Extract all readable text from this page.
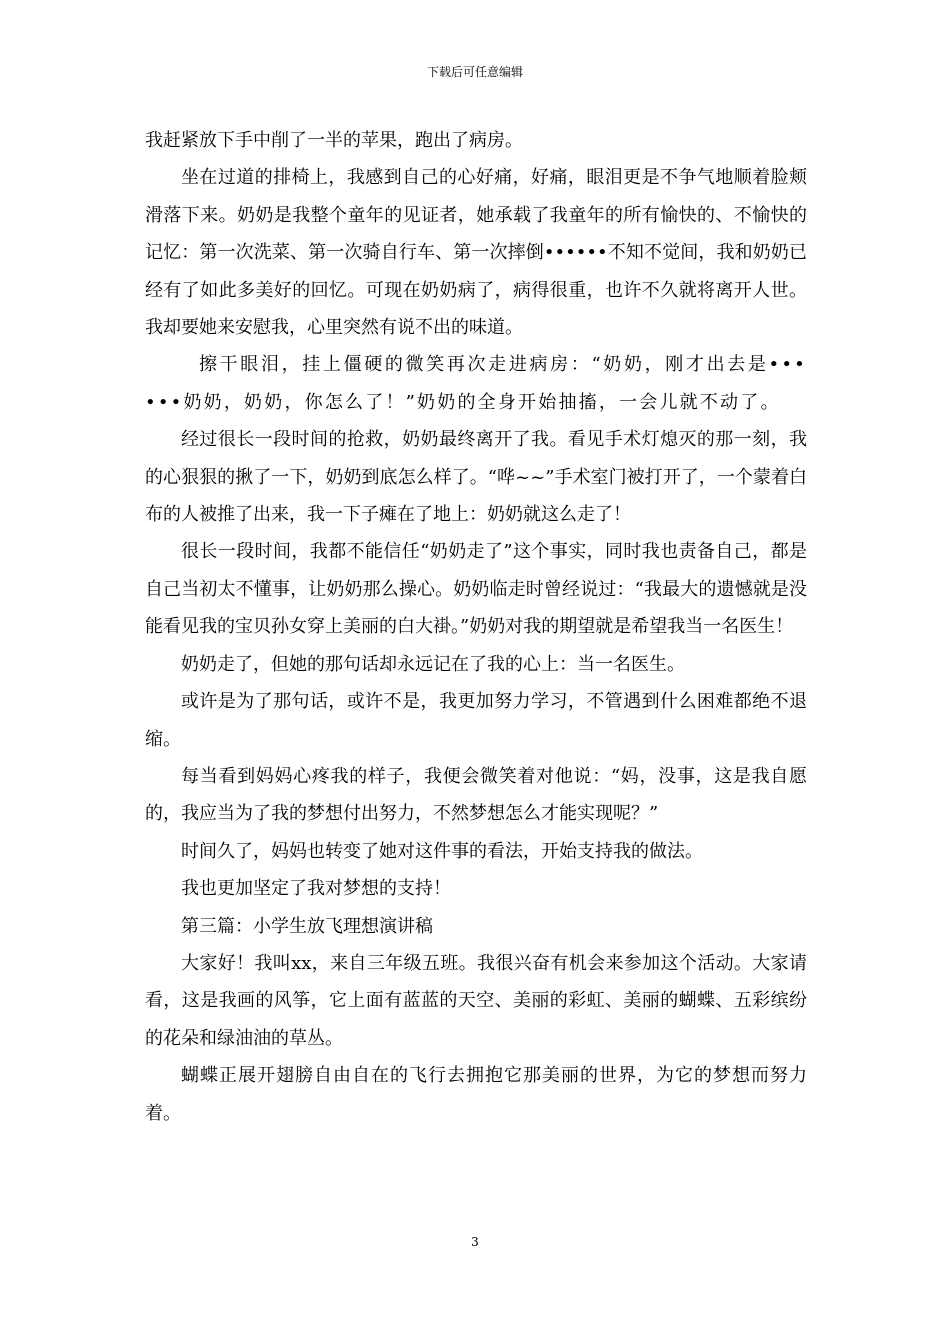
下载后可任意编辑

我赶紧放下手中削了一半的苹果，跑出了病房。

坐在过道的排椅上，我感到自己的心好痛，好痛，眼泪更是不争气地顺着脸颊滑落下来。奶奶是我整个童年的见证者，她承载了我童年的所有愉快的、不愉快的记忆：第一次洗菜、第一次骑自行车、第一次摔倒••••••不知不觉间，我和奶奶已经有了如此多美好的回忆。可现在奶奶病了，病得很重，也许不久就将离开人世。我却要她来安慰我，心里突然有说不出的味道。

擦干眼泪，挂上僵硬的微笑再次走进病房：“奶奶，刚才出去是••••••奶奶，奶奶，你怎么了！”奶奶的全身开始抽搐，一会儿就不动了。

经过很长一段时间的抢救，奶奶最终离开了我。看见手术灯熄灭的那一刻，我的心狠狠的揪了一下，奶奶到底怎么样了。“哗~~”手术室门被打开了，一个蒙着白布的人被推了出来，我一下子瘫在了地上：奶奶就这么走了！

很长一段时间，我都不能信任“奶奶走了”这个事实，同时我也责备自己，都是自己当初太不懂事，让奶奶那么操心。奶奶临走时曾经说过：“我最大的遗憾就是没能看见我的宝贝孙女穿上美丽的白大褂。”奶奶对我的期望就是希望我当一名医生！

奶奶走了，但她的那句话却永远记在了我的心上：当一名医生。

或许是为了那句话，或许不是，我更加努力学习，不管遇到什么困难都绝不退缩。

每当看到妈妈心疼我的样子，我便会微笑着对他说：“妈，没事，这是我自愿的，我应当为了我的梦想付出努力，不然梦想怎么才能实现呢？”

时间久了，妈妈也转变了她对这件事的看法，开始支持我的做法。

我也更加坚定了我对梦想的支持！

第三篇：小学生放飞理想演讲稿

大家好！我叫xx，来自三年级五班。我很兴奋有机会来参加这个活动。大家请看，这是我画的风筝，它上面有蓝蓝的天空、美丽的彩虹、美丽的蝴蝶、五彩缤纷的花朵和绿油油的草丛。

蝴蝶正展开翅膀自由自在的飞行去拥抱它那美丽的世界，为它的梦想而努力着。

3
